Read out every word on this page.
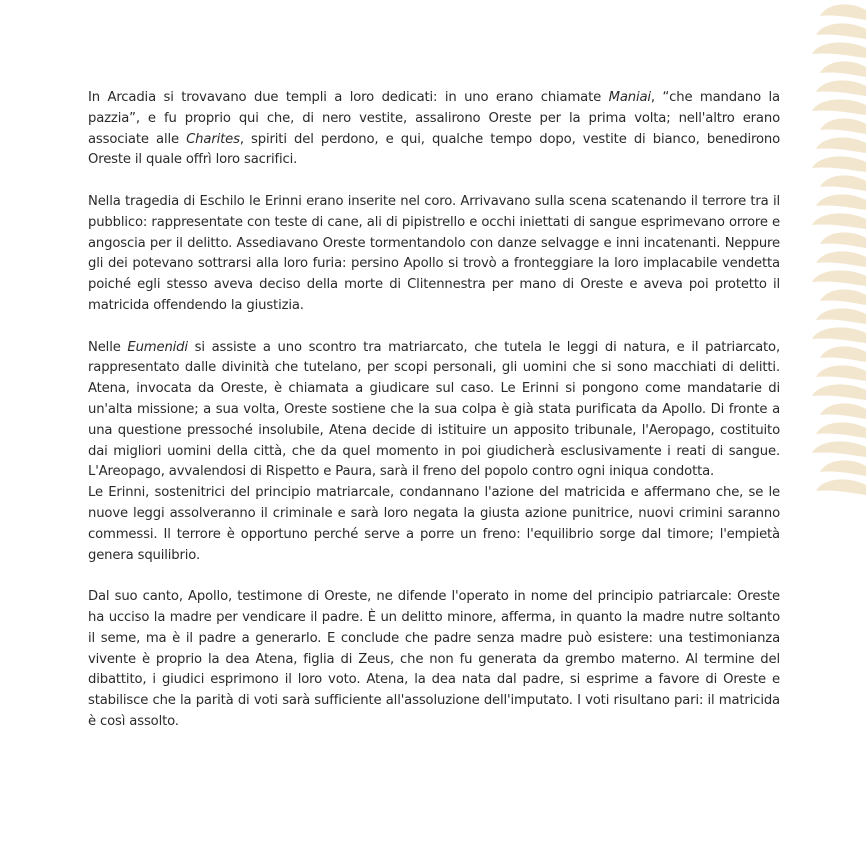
In Arcadia si trovavano due templi a loro dedicati: in uno erano chiamate Maniai, “che mandano la pazzia”, e fu proprio qui che, di nero vestite, assalirono Oreste per la prima volta; nell'altro erano associate alle Charites, spiriti del perdono, e qui, qualche tempo dopo, vestite di bianco, benedirono Oreste il quale offrì loro sacrifici.

Nella tragedia di Eschilo le Erinni erano inserite nel coro. Arrivavano sulla scena scatenando il terrore tra il pubblico: rappresentate con teste di cane, ali di pipistrello e occhi iniettati di sangue esprimevano orrore e angoscia per il delitto. Assediavano Oreste tormentandolo con danze selvagge e inni incatenanti. Neppure gli dei potevano sottrarsi alla loro furia: persino Apollo si trovò a fronteggiare la loro implacabile vendetta poiché egli stesso aveva deciso della morte di Clitennestra per mano di Oreste e aveva poi protetto il matricida offendendo la giustizia.

Nelle Eumenidi si assiste a uno scontro tra matriarcato, che tutela le leggi di natura, e il patriarcato, rappresentato dalle divinità che tutelano, per scopi personali, gli uomini che si sono macchiati di delitti. Atena, invocata da Oreste, è chiamata a giudicare sul caso. Le Erinni si pongono come mandatarie di un'alta missione; a sua volta, Oreste sostiene che la sua colpa è già stata purificata da Apollo. Di fronte a una questione pressoché insolubile, Atena decide di istituire un apposito tribunale, l'Aeropago, costituito dai migliori uomini della città, che da quel momento in poi giudicherà esclusivamente i reati di sangue. L'Areopago, avvalendosi di Rispetto e Paura, sarà il freno del popolo contro ogni iniqua condotta.

Le Erinni, sostenitrici del principio matriarcale, condannano l'azione del matricida e affermano che, se le nuove leggi assolveranno il criminale e sarà loro negata la giusta azione punitrice, nuovi crimini saranno commessi. Il terrore è opportuno perché serve a porre un freno: l'equilibrio sorge dal timore; l'empietà genera squilibrio.

Dal suo canto, Apollo, testimone di Oreste, ne difende l'operato in nome del principio patriarcale: Oreste ha ucciso la madre per vendicare il padre. È un delitto minore, afferma, in quanto la madre nutre soltanto il seme, ma è il padre a generarlo. E conclude che padre senza madre può esistere: una testimonianza vivente è proprio la dea Atena, figlia di Zeus, che non fu generata da grembo materno. Al termine del dibattito, i giudici esprimono il loro voto. Atena, la dea nata dal padre, si esprime a favore di Oreste e stabilisce che la parità di voti sarà sufficiente all'assoluzione dell'imputato. I voti risultano pari: il matricida è così assolto.
